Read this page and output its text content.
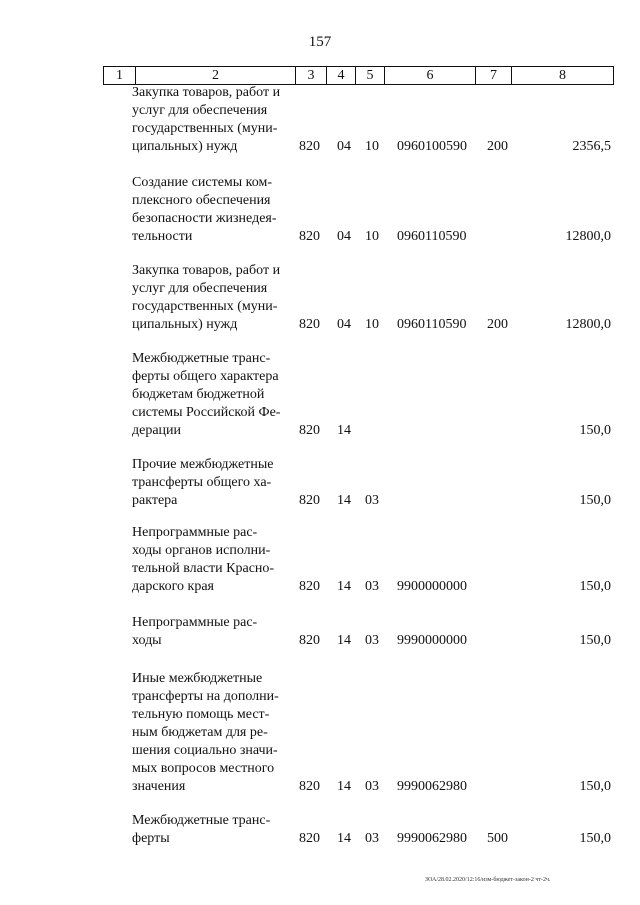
157
1	2	3	4	5	6	7	8
Закупка товаров, работ и
услуг для обеспечения
государственных (муни-
ципальных) нужд	820 04 10 0960100590 200	2356,5
Создание системы ком-
плексного обеспечения
безопасности жизнедея-
тельности	820 04 10 0960110590	12800,0
Закупка товаров, работ и
услуг для обеспечения
государственных (муни-
ципальных) нужд	820 04 10 0960110590 200	12800,0
Межбюджетные транс-
ферты общего характера
бюджетам бюджетной
системы Российской Фе-
дерации	820 14	150,0
Прочие межбюджетные
трансферты общего ха-
рактера	820 14 03	150,0
Непрограммные рас-
ходы органов исполни-
тельной власти Красно-
дарского края	820 14 03 9900000000	150,0
Непрограммные рас-
ходы	820 14 03 9990000000	150,0
Иные межбюджетные
трансферты на дополни-
тельную помощь мест-
ным бюджетам для ре-
шения социально значи-
мых вопросов местного
значения	820 14 03 9990062980	150,0
Межбюджетные транс-
ферты	820 14 03 9990062980 500	150,0
ЗОА/28.02.2020/12:16/изм-бюджет-закон-2 чт-2ч.
